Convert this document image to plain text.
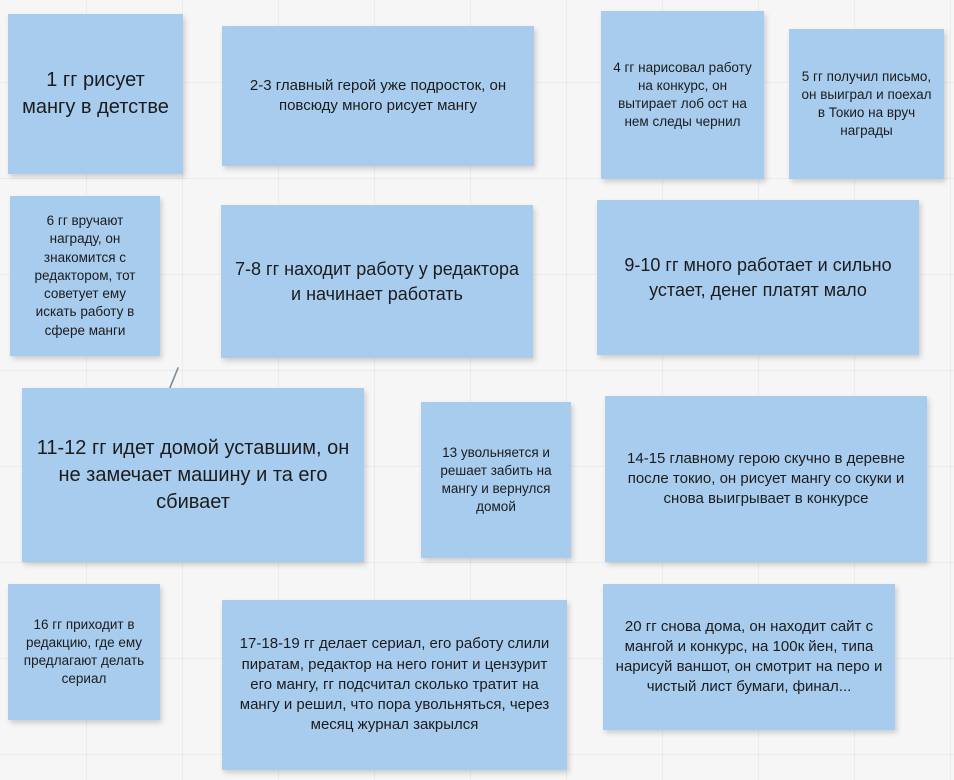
1 гг рисует мангу в детстве
2-3 главный герой уже подросток, он повсюду много рисует мангу
4 гг нарисовал работу на конкурс, он вытирает лоб ост на нем следы чернил
5 гг получил письмо, он выиграл и поехал в Токио на вруч награды
6 гг вручают награду, он знакомится с редактором, тот советует ему искать работу в сфере манги
7-8 гг находит работу у редактора и начинает работать
9-10 гг много работает и сильно устает, денег платят мало
11-12 гг идет домой уставшим, он не замечает машину и та его сбивает
13 увольняется и решает забить на мангу и вернулся домой
14-15 главному герою скучно в деревне после токио, он рисует мангу со скуки и снова выигрывает в конкурсе
16 гг приходит в редакцию, где ему предлагают делать сериал
17-18-19 гг делает сериал, его работу слили пиратам, редактор на него гонит и цензурит его мангу, гг подсчитал сколько тратит на мангу и решил, что пора увольняться, через месяц журнал закрылся
20 гг снова дома, он находит сайт с мангой и конкурс, на 100к йен, типа нарисуй ваншот, он смотрит на перо и чистый лист бумаги, финал...
